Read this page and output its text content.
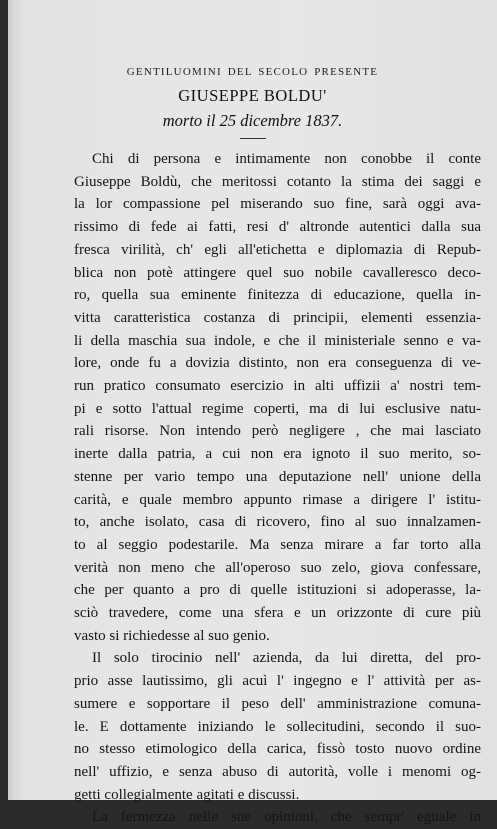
GENTILUOMINI DEL SECOLO PRESENTE
GIUSEPPE BOLDU'
morto il 25 dicembre 1837.
Chi di persona e intimamente non conobbe il conte
Giuseppe Boldù, che meritossi cotanto la stima dei saggi e
la lor compassione pel miserando suo fine, sarà oggi ava-
rissimo di fede ai fatti, resi d' altronde autentici dalla sua
fresca virilità, ch' egli all'etichetta e diplomazia di Repub-
blica non potè attingere quel suo nobile cavalleresco deco-
ro, quella sua eminente finitezza di educazione, quella in-
vitta caratteristica costanza di principii, elementi essenzia-
li della maschia sua indole, e che il ministeriale senno e va-
lore, onde fu a dovizia distinto, non era conseguenza di ve-
run pratico consumato esercizio in alti uffizii a' nostri tem-
pi e sotto l'attual regime coperti, ma di lui esclusive natu-
rali risorse. Non intendo però negligere , che mai lasciato
inerte dalla patria, a cui non era ignoto il suo merito, so-
stenne per vario tempo una deputazione nell' unione della
carità, e quale membro appunto rimase a dirigere l' istitu-
to, anche isolato, casa di ricovero, fino al suo innalzamen-
to al seggio podestarile. Ma senza mirare a far torto alla
verità non meno che all'operoso suo zelo, giova confessare,
che per quanto a pro di quelle istituzioni si adoperasse, la-
sciò travedere, come una sfera e un orizzonte di cure più
vasto si richiedesse al suo genio.
Il solo tirocinio nell' azienda, da lui diretta, del pro-
prio asse lautissimo, gli acuì l' ingegno e l' attività per as-
sumere e sopportare il peso dell' amministrazione comuna-
le. E dottamente iniziando le sollecitudini, secondo il suo-
no stesso etimologico della carica, fissò tosto nuovo ordine
nell' uffizio, e senza abuso di autorità, volle i menomi og-
getti collegialmente agitati e discussi.
La fermezza nelle sue opinioni, che sempr' eguale in
